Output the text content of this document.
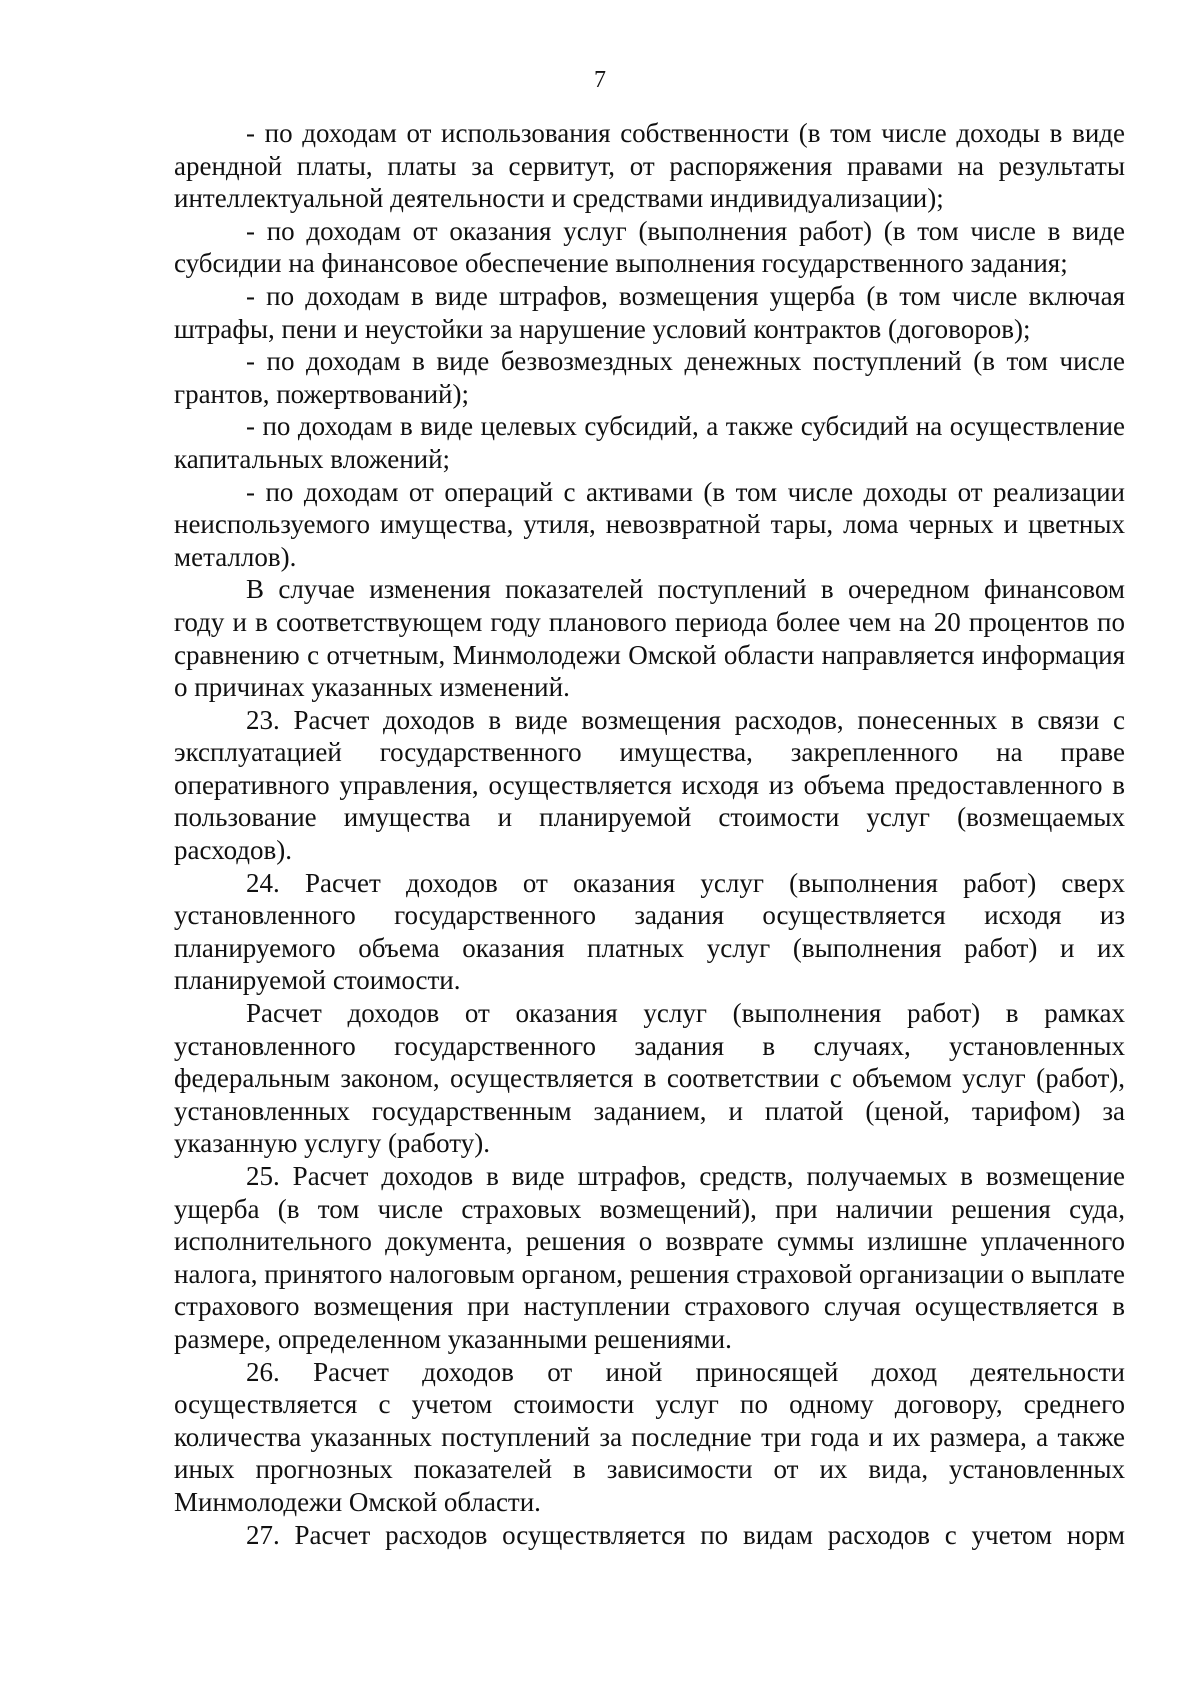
7

- по доходам от использования собственности (в том числе доходы в виде арендной платы, платы за сервитут, от распоряжения правами на результаты интеллектуальной деятельности и средствами индивидуализации);

- по доходам от оказания услуг (выполнения работ) (в том числе в виде субсидии на финансовое обеспечение выполнения государственного задания;

- по доходам в виде штрафов, возмещения ущерба (в том числе включая штрафы, пени и неустойки за нарушение условий контрактов (договоров);

- по доходам в виде безвозмездных денежных поступлений (в том числе грантов, пожертвований);

- по доходам в виде целевых субсидий, а также субсидий на осуществление капитальных вложений;

- по доходам от операций с активами (в том числе доходы от реализации неиспользуемого имущества, утиля, невозвратной тары, лома черных и цветных металлов).

В случае изменения показателей поступлений в очередном финансовом году и в соответствующем году планового периода более чем на 20 процентов по сравнению с отчетным, Минмолодежи Омской области направляется информация о причинах указанных изменений.

23. Расчет доходов в виде возмещения расходов, понесенных в связи с эксплуатацией государственного имущества, закрепленного на праве оперативного управления, осуществляется исходя из объема предоставленного в пользование имущества и планируемой стоимости услуг (возмещаемых расходов).

24. Расчет доходов от оказания услуг (выполнения работ) сверх установленного государственного задания осуществляется исходя из планируемого объема оказания платных услуг (выполнения работ) и их планируемой стоимости.

Расчет доходов от оказания услуг (выполнения работ) в рамках установленного государственного задания в случаях, установленных федеральным законом, осуществляется в соответствии с объемом услуг (работ), установленных государственным заданием, и платой (ценой, тарифом) за указанную услугу (работу).

25. Расчет доходов в виде штрафов, средств, получаемых в возмещение ущерба (в том числе страховых возмещений), при наличии решения суда, исполнительного документа, решения о возврате суммы излишне уплаченного налога, принятого налоговым органом, решения страховой организации о выплате страхового возмещения при наступлении страхового случая осуществляется в размере, определенном указанными решениями.

26. Расчет доходов от иной приносящей доход деятельности осуществляется с учетом стоимости услуг по одному договору, среднего количества указанных поступлений за последние три года и их размера, а также иных прогнозных показателей в зависимости от их вида, установленных Минмолодежи Омской области.

27. Расчет расходов осуществляется по видам расходов с учетом норм
